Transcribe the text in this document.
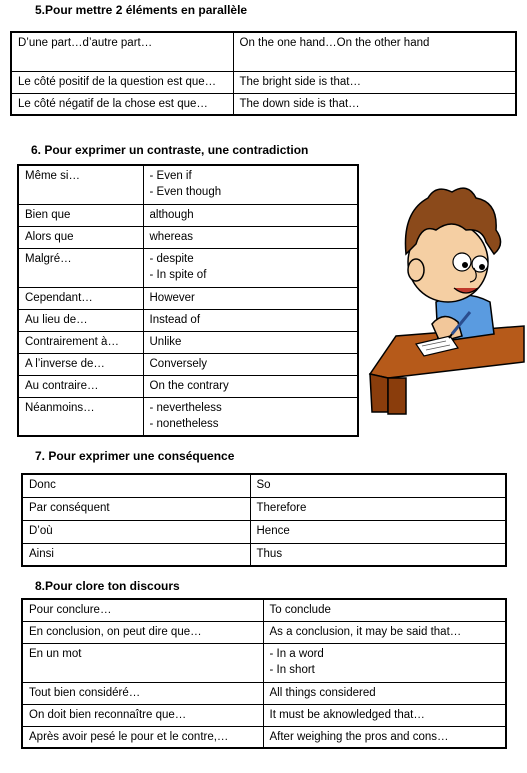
5.Pour mettre 2 éléments en parallèle
D’une part…d’autre part…	On the one hand…On the other hand

Le côté positif de la question est que…	The bright side is that…

Le côté négatif de la chose est que…	The down side is that…
6. Pour exprimer un contraste, une contradiction
Même si…	- Even if
- Even though

Bien que	although

Alors que	whereas

Malgré…	- despite
- In spite of

Cependant…	However

Au lieu de…	Instead of

Contrairement à…	Unlike

A l’inverse de…	Conversely

Au contraire…	On the contrary

Néanmoins…	- nevertheless
- nonetheless
7. Pour exprimer une conséquence
Donc	So

Par conséquent	Therefore

D’où	Hence

Ainsi	Thus
8.Pour clore ton discours
Pour conclure…	To conclude

En conclusion, on peut dire que…	As a conclusion, it may be said that…

En un mot	- In a word
- In short

Tout bien considéré…	All things considered

On doit bien reconnaître que…	It must be aknowledged that…

Après avoir pesé le pour et le contre,…	After weighing the pros and cons…
